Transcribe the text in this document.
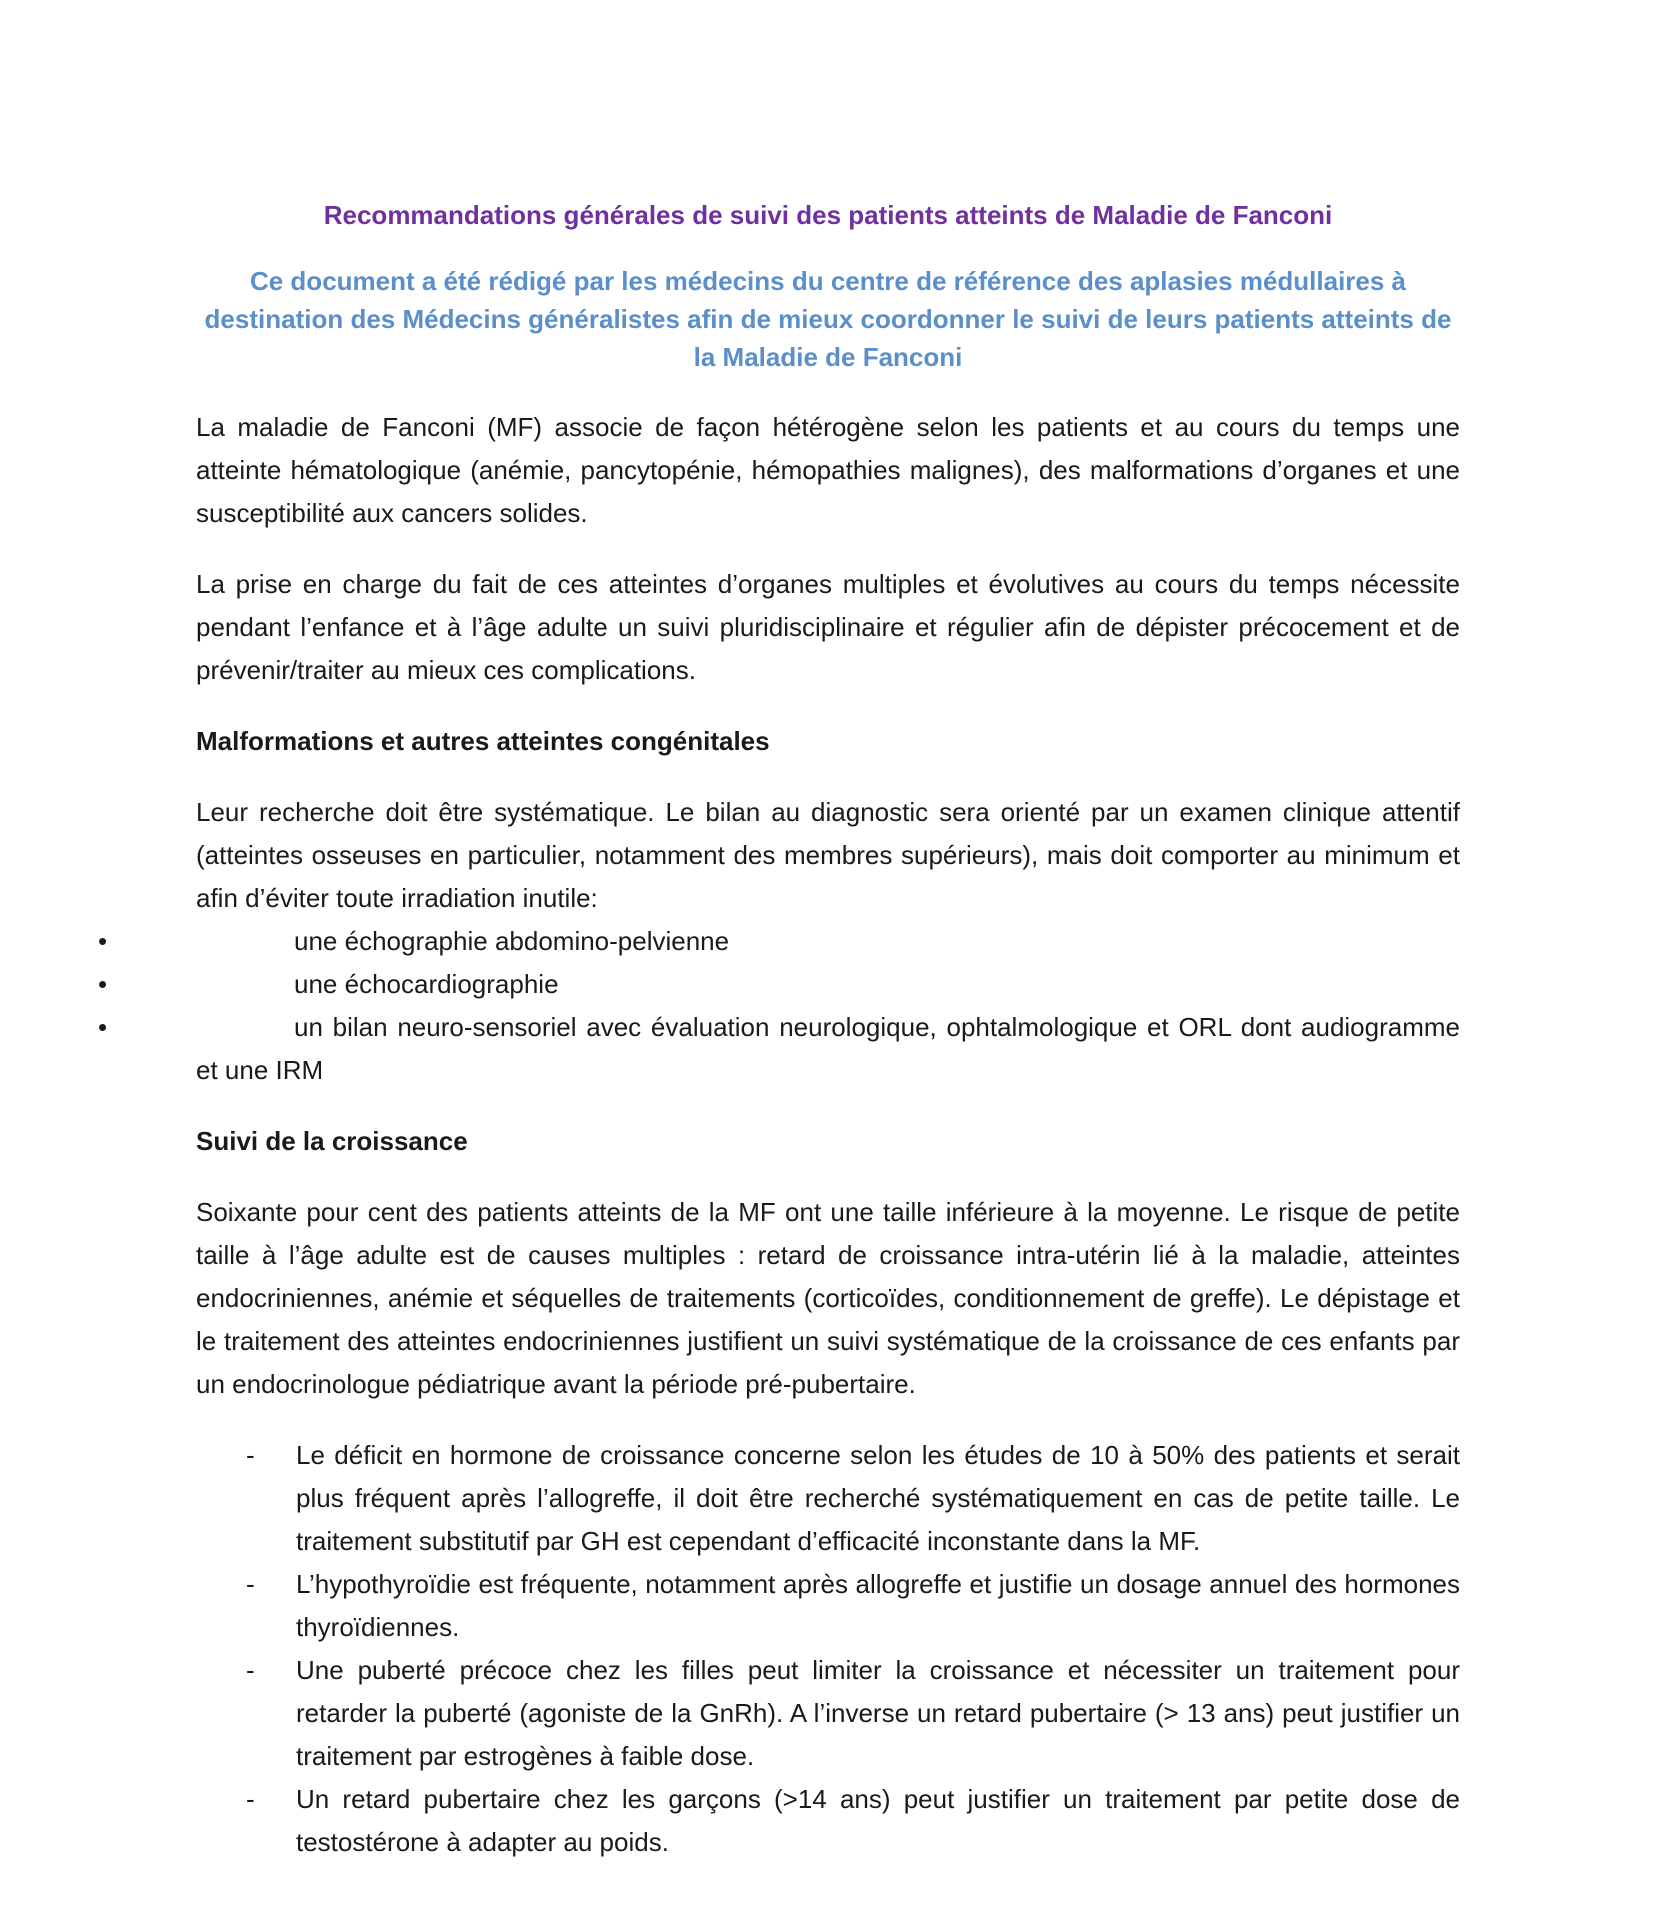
Recommandations générales de suivi des patients atteints de Maladie de Fanconi
Ce document a été rédigé par les médecins du centre de référence des aplasies médullaires à destination des Médecins généralistes afin de mieux coordonner le suivi de leurs patients atteints de la Maladie de Fanconi

La maladie de Fanconi (MF) associe de façon hétérogène selon les patients et au cours du temps une atteinte hématologique (anémie, pancytopénie, hémopathies malignes), des malformations d’organes et une susceptibilité aux cancers solides.

La prise en charge du fait de ces atteintes d’organes multiples et évolutives au cours du temps nécessite pendant l’enfance et à l’âge adulte un suivi pluridisciplinaire et régulier afin de dépister précocement et de prévenir/traiter au mieux ces complications.

Malformations et autres atteintes congénitales

Leur recherche doit être systématique. Le bilan au diagnostic sera orienté par un examen clinique attentif (atteintes osseuses en particulier, notamment des membres supérieurs), mais doit comporter au minimum et afin d’éviter toute irradiation inutile:

•	une échographie abdomino-pelvienne
•	une échocardiographie
•	un bilan neuro-sensoriel avec évaluation neurologique, ophtalmologique et ORL dont audiogramme et une IRM
Suivi de la croissance

Soixante pour cent des patients atteints de la MF ont une taille inférieure à la moyenne. Le risque de petite taille à l’âge adulte est de causes multiples : retard de croissance intra-utérin lié à la maladie, atteintes endocriniennes, anémie et séquelles de traitements (corticoïdes, conditionnement de greffe). Le dépistage et le traitement des atteintes endocriniennes justifient un suivi systématique de la croissance de ces enfants par un endocrinologue pédiatrique avant la période pré-pubertaire.

- Le déficit en hormone de croissance concerne selon les études de 10 à 50% des patients et serait plus fréquent après l’allogreffe, il doit être recherché systématiquement en cas de petite taille. Le traitement substitutif par GH est cependant d’efficacité inconstante dans la MF.
- L’hypothyroïdie est fréquente, notamment après allogreffe et justifie un dosage annuel des hormones thyroïdiennes.
- Une puberté précoce chez les filles peut limiter la croissance et nécessiter un traitement pour retarder la puberté (agoniste de la GnRh). A l’inverse un retard pubertaire (> 13 ans) peut justifier un traitement par estrogènes à faible dose.
- Un retard pubertaire chez les garçons (>14 ans) peut justifier un traitement par petite dose de testostérone à adapter au poids.
